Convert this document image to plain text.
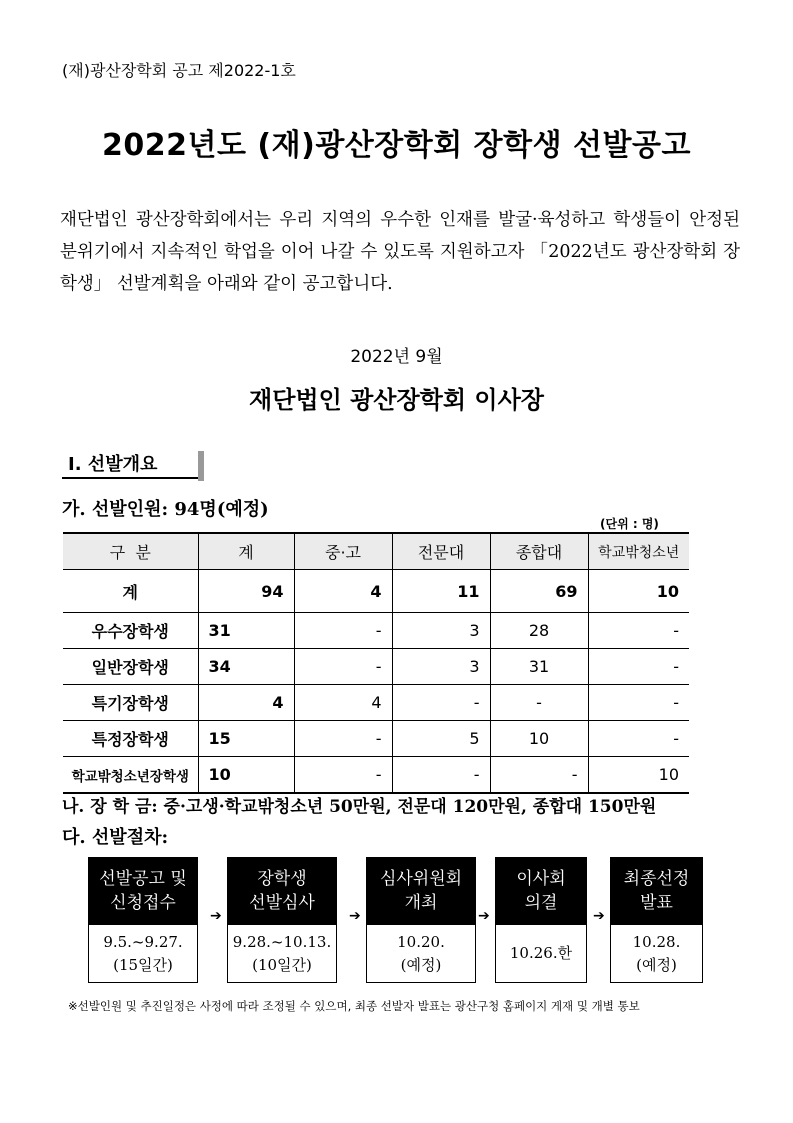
(재)광산장학회 공고 제2022-1호
2022년도 (재)광산장학회 장학생 선발공고
재단법인 광산장학회에서는 우리 지역의 우수한 인재를 발굴·육성하고 학생들이 안정된 분위기에서 지속적인 학업을 이어 나갈 수 있도록 지원하고자 「2022년도 광산장학회 장학생」 선발계획을 아래와 같이 공고합니다.
2022년 9월
재단법인 광산장학회 이사장
Ⅰ. 선발개요
가. 선발인원: 94명(예정)
(단위 : 명)
구  분	계	중·고	전문대	종합대	학교밖청소년
계	94	4	11	69	10
우수장학생	31	-	3	28	-
일반장학생	34	-	3	31	-
특기장학생	4	4	-	-	-
특정장학생	15	-	5	10	-
학교밖청소년장학생	10	-	-	-	10
나. 장 학 금: 중·고생·학교밖청소년 50만원, 전문대 120만원, 종합대 150만원
다. 선발절차:
선발공고 및
신청접수
9.5.~9.27.
(15일간)
➔
장학생
선발심사
9.28.~10.13.
(10일간)
➔
심사위원회
개최
10.20.
(예정)
➔
이사회
의결
10.26.한
➔
최종선정
발표
10.28.
(예정)
※선발인원 및 추진일정은 사정에 따라 조정될 수 있으며, 최종 선발자 발표는 광산구청 홈페이지 게재 및 개별 통보
